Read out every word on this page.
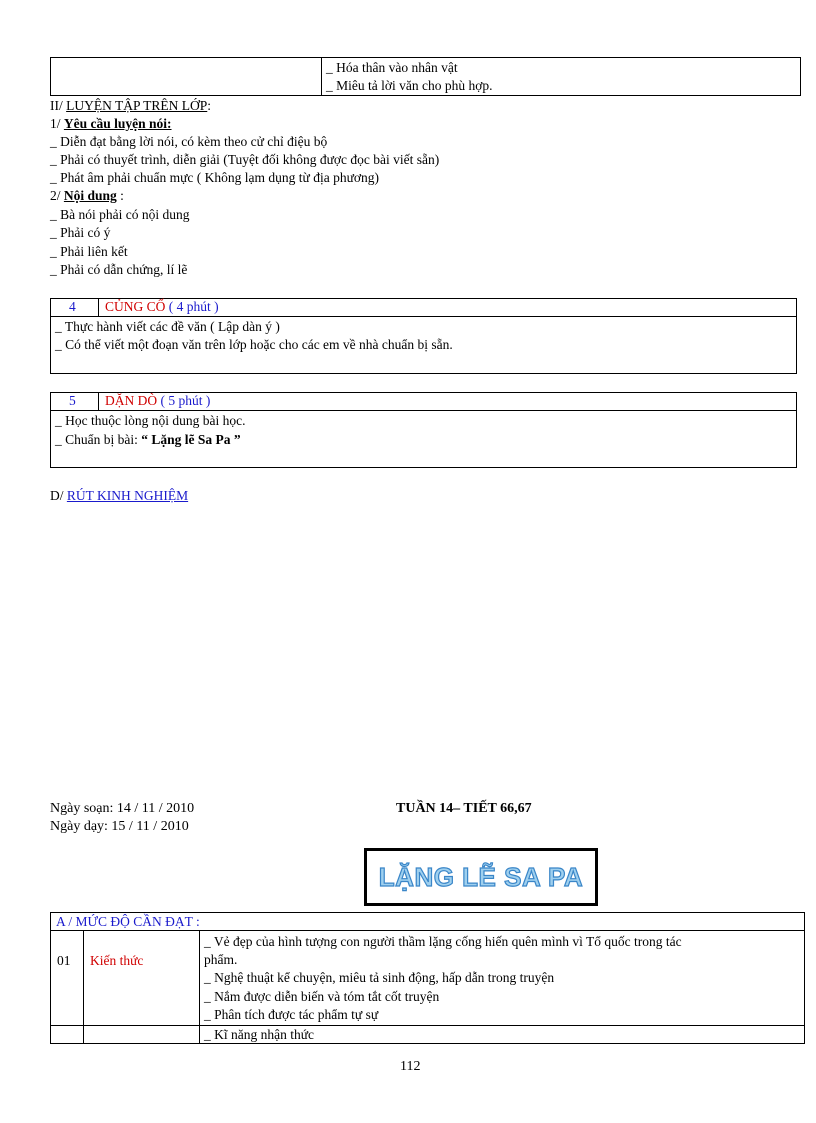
_ Hóa thân vào nhân vật
_ Miêu tả lời văn cho phù hợp.
II/ LUYỆN TẬP TRÊN LỚP:
1/ Yêu cầu luyện nói:
_ Diễn đạt bằng lời nói, có kèm theo cử chỉ điệu bộ
_ Phải có thuyết trình, diễn giải (Tuyệt đối không được đọc bài viết sẵn)
_ Phát âm phải chuẩn mực ( Không lạm dụng từ địa phương)
2/ Nội dung :
_ Bà nói phải có nội dung
_ Phải có ý
_ Phải liên kết
_ Phải có dẫn chứng, lí lẽ
4 CỦNG CỐ ( 4 phút )
_ Thực hành viết các đề văn ( Lập dàn ý )
_ Có thể viết một đoạn văn trên lớp hoặc cho các em về nhà chuẩn bị sẵn.
5 DẶN DÒ ( 5 phút )
_ Học thuộc lòng nội dung bài học.
_ Chuẩn bị bài: “ Lặng lẽ Sa Pa ”
D/ RÚT KINH NGHIỆM
Ngày soạn: 14 / 11 / 2010
Ngày dạy: 15 / 11 / 2010
TUẦN 14– TIẾT 66,67
LẶNG LẼ SA PA
A / MỨC ĐỘ CẦN ĐẠT :
01 Kiến thức
_ Vẻ đẹp của hình tượng con người thầm lặng cống hiến quên mình vì Tổ quốc trong tác
phẩm.
_ Nghệ thuật kể chuyện, miêu tả sinh động, hấp dẫn trong truyện
_ Nắm được diễn biến và tóm tắt cốt truyện
_ Phân tích được tác phẩm tự sự
_ Kĩ năng nhận thức
112
